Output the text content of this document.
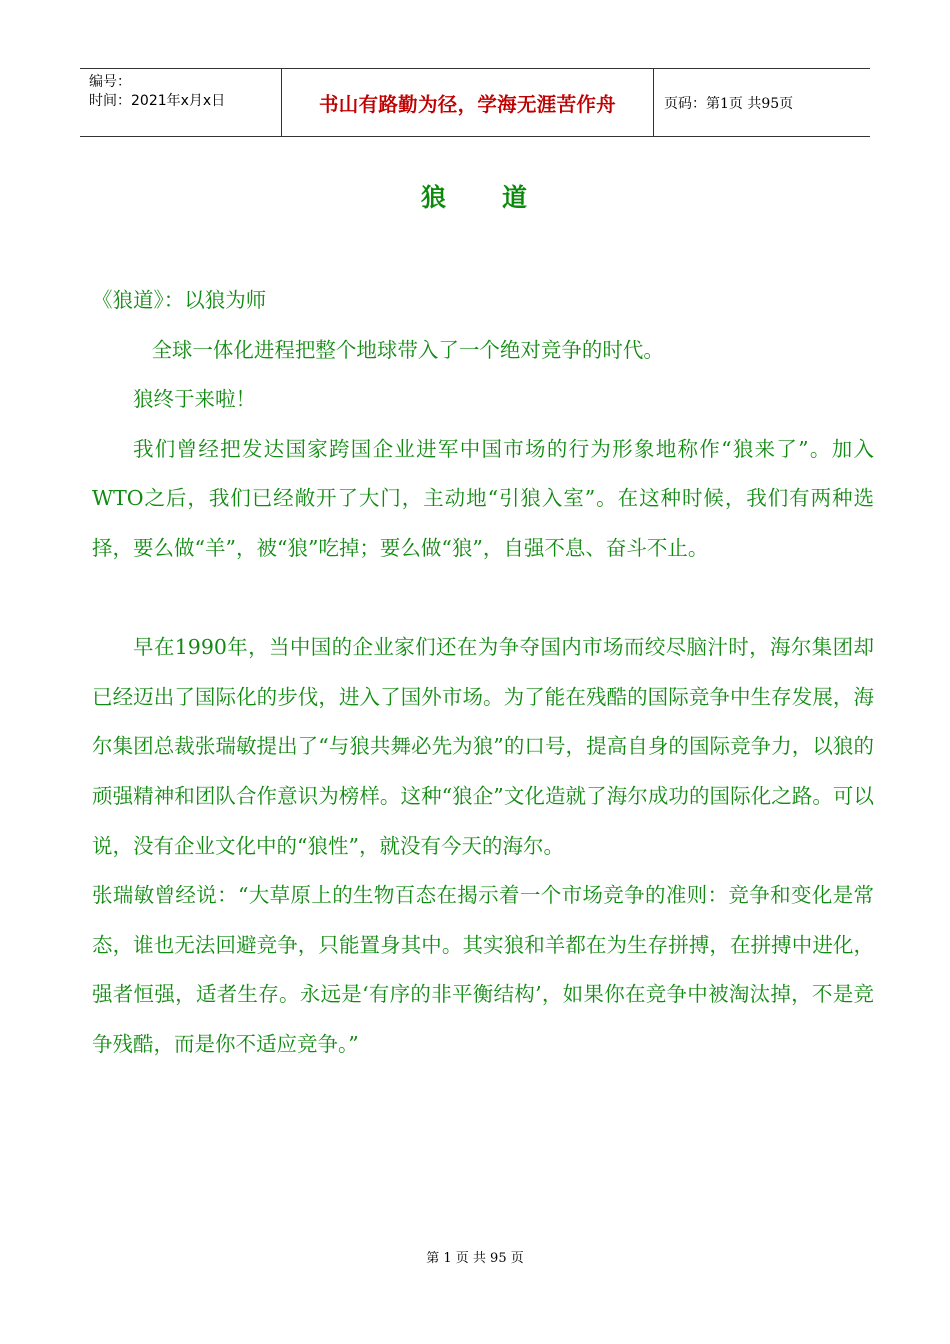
编号：
时间：2021年x月x日	书山有路勤为径，学海无涯苦作舟	页码：第1页 共95页
狼 道

《狼道》：以狼为师

全球一体化进程把整个地球带入了一个绝对竞争的时代。

狼终于来啦！

我们曾经把发达国家跨国企业进军中国市场的行为形象地称作“狼来了”。加入WTO之后，我们已经敞开了大门，主动地“引狼入室”。在这种时候，我们有两种选择，要么做“羊”，被“狼”吃掉；要么做“狼”，自强不息、奋斗不止。

早在1990年，当中国的企业家们还在为争夺国内市场而绞尽脑汁时，海尔集团却已经迈出了国际化的步伐，进入了国外市场。为了能在残酷的国际竞争中生存发展，海尔集团总裁张瑞敏提出了“与狼共舞必先为狼”的口号，提高自身的国际竞争力，以狼的顽强精神和团队合作意识为榜样。这种“狼企”文化造就了海尔成功的国际化之路。可以说，没有企业文化中的“狼性”，就没有今天的海尔。

张瑞敏曾经说：“大草原上的生物百态在揭示着一个市场竞争的准则：竞争和变化是常态，谁也无法回避竞争，只能置身其中。其实狼和羊都在为生存拼搏，在拼搏中进化，强者恒强，适者生存。永远是‘有序的非平衡结构’，如果你在竞争中被淘汰掉，不是竞争残酷，而是你不适应竞争。”

第 1 页 共 95 页
